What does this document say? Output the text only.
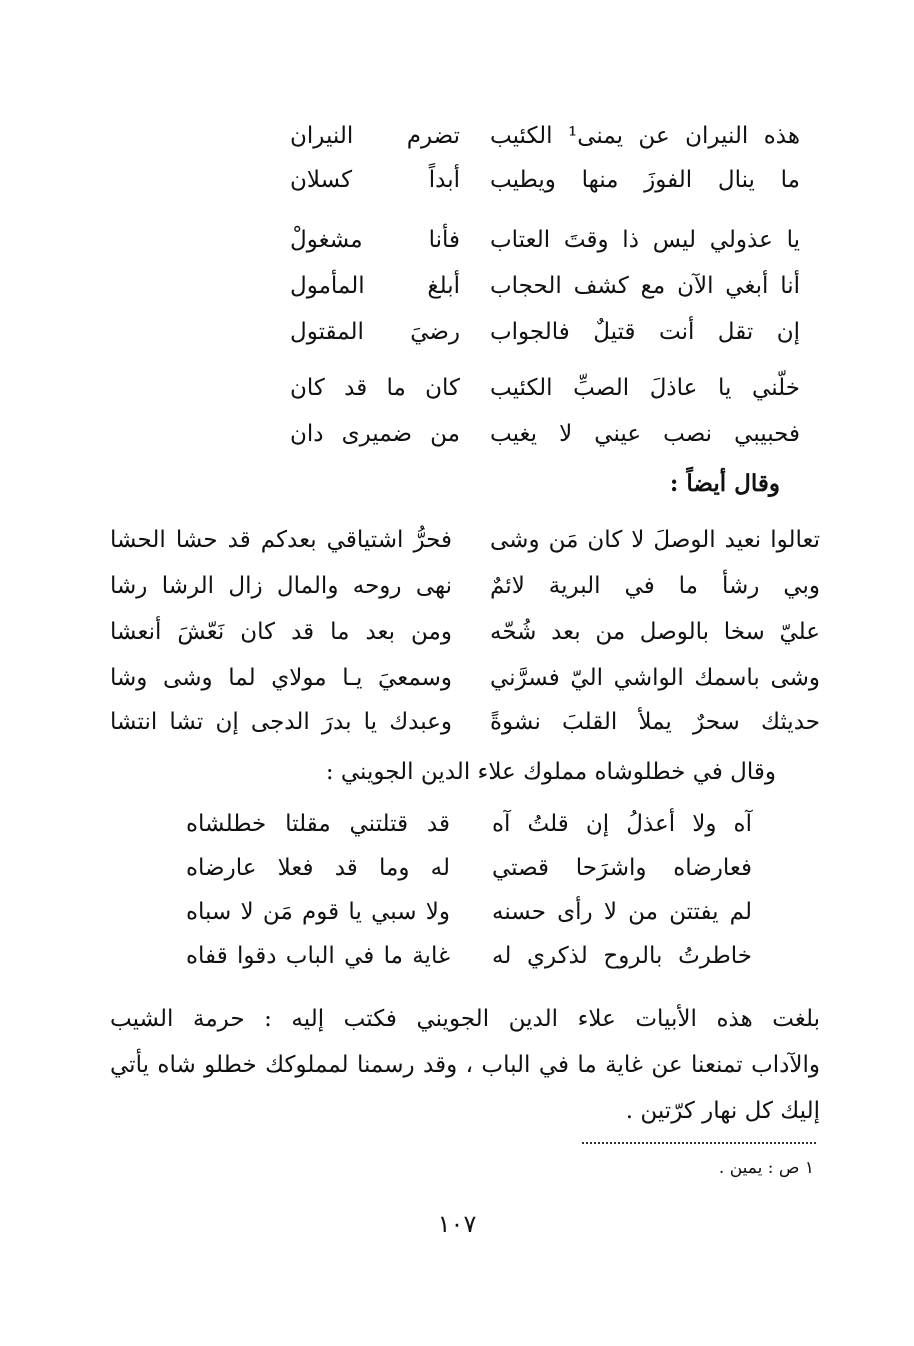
هذه النيران عن يمنى¹ الكئيب
تضرم النيران
ما ينال الفوزَ منها ويطيب
أبداً كسلان
يا عذولي ليس ذا وقتَ العتاب
فأنا مشغولْ
أنا أبغي الآن مع كشف الحجاب
أبلغ المأمول
إن تقل أنت قتيلٌ فالجواب
رضيَ المقتول
خلّني يا عاذلَ الصبِّ الكئيب
كان ما قد كان
فحبيبي نصب عيني لا يغيب
من ضميرى دان
وقال أيضاً :
تعالوا نعيد الوصلَ لا كان مَن وشى
فحرُّ اشتياقي بعدكم قد حشا الحشا
وبي رشأ ما في البرية لائمٌ
نهى روحه والمال زال الرشا رشا
عليّ سخا بالوصل من بعد شُحّه
ومن بعد ما قد كان نَعّشَ أنعشا
وشى باسمك الواشي اليّ فسرَّني
وسمعيَ يـا مولاي لما وشى وشا
حديثك سحرٌ يملأ القلبَ نشوةً
وعبدك يا بدرَ الدجى إن تشا انتشا
وقال في خطلوشاه مملوك علاء الدين الجويني :
آه ولا أعذلُ إن قلتُ آه
قد قتلتني مقلتا خطلشاه
فعارضاه واشرَحا قصتي
له وما قد فعلا عارضاه
لم يفتتن من لا رأى حسنه
ولا سبي يا قوم مَن لا سباه
خاطرتُ بالروح لذكري له
غاية ما في الباب دقوا قفاه
بلغت هذه الأبيات علاء الدين الجويني فكتب إليه : حرمة الشيب
والآداب تمنعنا عن غاية ما في الباب ، وقد رسمنا لمملوكك خطلو شاه يأتي
إليك كل نهار كرّتين .
١ ص : يمين .
١٠٧
